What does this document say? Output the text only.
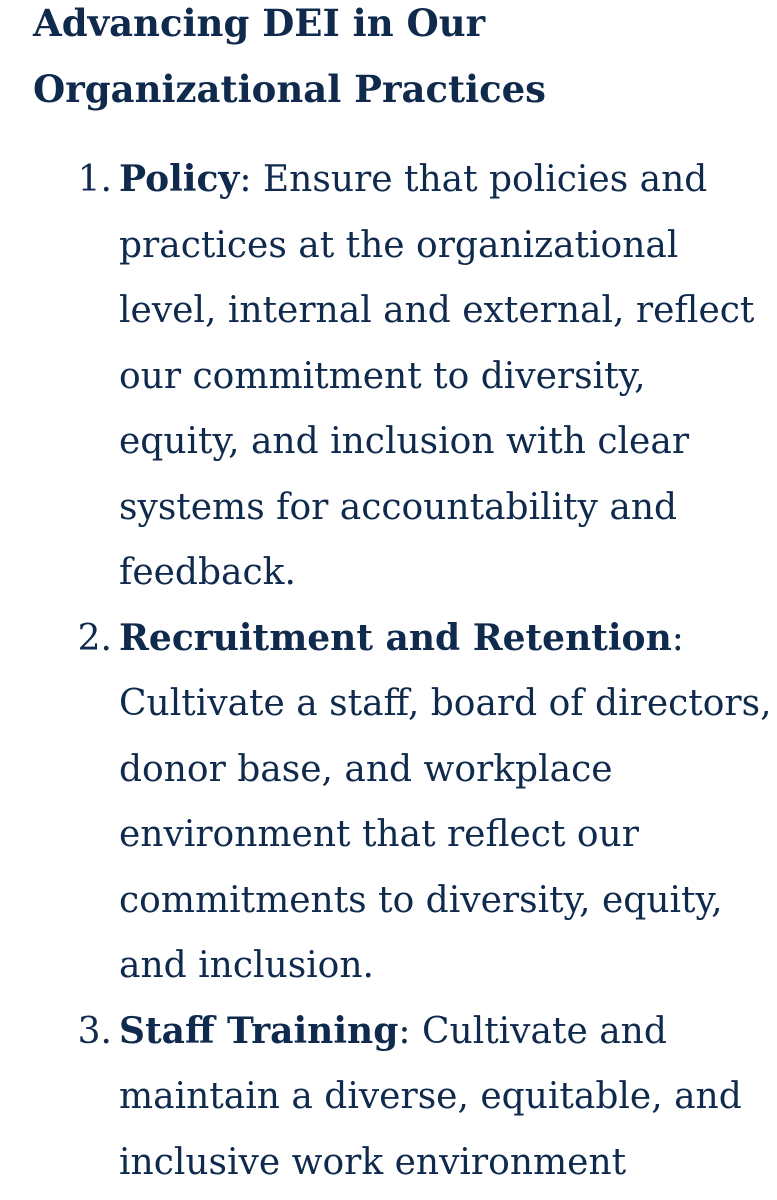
Advancing DEI in Our Organizational Practices
1. Policy: Ensure that policies and practices at the organizational level, internal and external, reflect our commitment to diversity, equity, and inclusion with clear systems for accountability and feedback.
2. Recruitment and Retention: Cultivate a staff, board of directors, donor base, and workplace environment that reflect our commitments to diversity, equity, and inclusion.
3. Staff Training: Cultivate and maintain a diverse, equitable, and inclusive work environment
